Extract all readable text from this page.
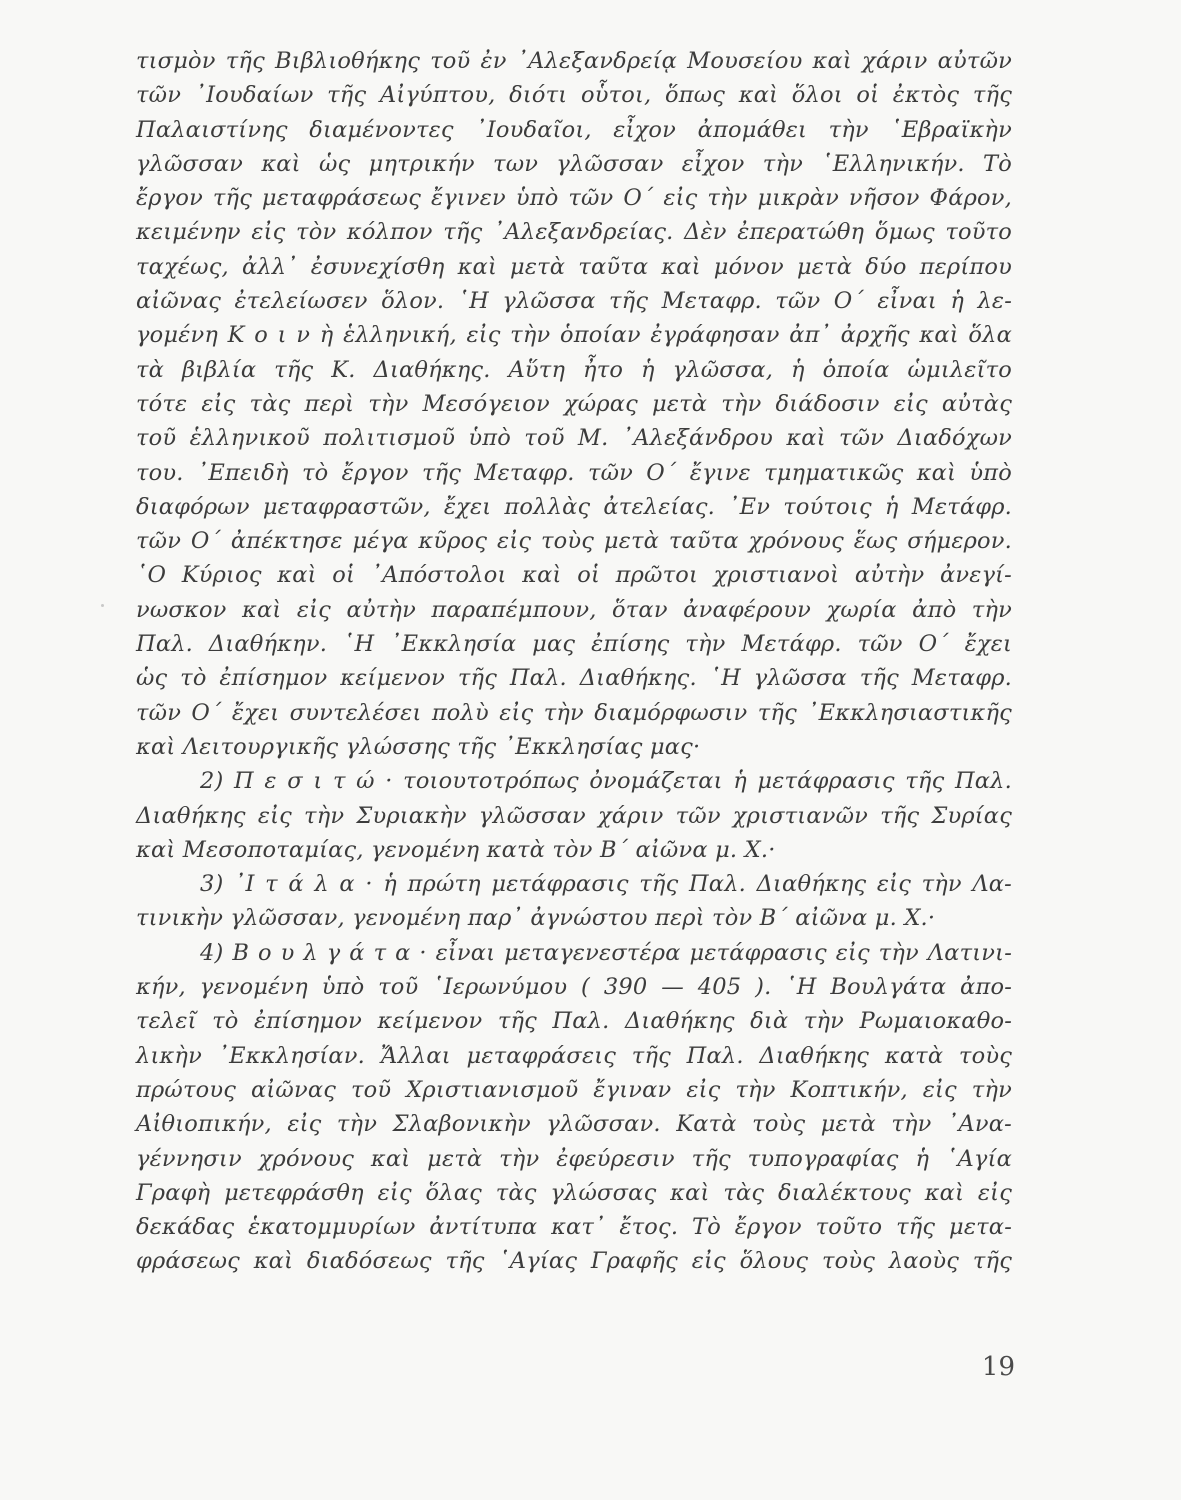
τισμὸν τῆς Βιβλιοθήκης τοῦ ἐν ᾿Αλεξανδρείᾳ Μουσείου καὶ χάριν αὐτῶν
τῶν ᾿Ιουδαίων τῆς Αἰγύπτου, διότι οὗτοι, ὅπως καὶ ὅλοι οἱ ἐκτὸς τῆς
Παλαιστίνης διαμένοντες ᾿Ιουδαῖοι, εἶχον ἀπομάθει τὴν ῾Εβραϊκὴν
γλῶσσαν καὶ ὡς μητρικήν των γλῶσσαν εἶχον τὴν ῾Ελληνικήν. Τὸ
ἔργον τῆς μεταφράσεως ἔγινεν ὑπὸ τῶν Ο΄ εἰς τὴν μικρὰν νῆσον Φάρον,
κειμένην εἰς τὸν κόλπον τῆς ᾿Αλεξανδρείας. Δὲν ἐπερατώθη ὅμως τοῦτο
ταχέως, ἀλλ᾿ ἐσυνεχίσθη καὶ μετὰ ταῦτα καὶ μόνον μετὰ δύο περίπου
αἰῶνας ἐτελείωσεν ὅλον. ῾Η γλῶσσα τῆς Μεταφρ. τῶν Ο΄ εἶναι ἡ λε-
γομένη Κ ο ι ν ὴ ἑλληνική, εἰς τὴν ὁποίαν ἐγράφησαν ἀπ᾿ ἀρχῆς καὶ ὅλα
τὰ βιβλία τῆς Κ. Διαθήκης. Αὕτη ἦτο ἡ γλῶσσα, ἡ ὁποία ὡμιλεῖτο
τότε εἰς τὰς περὶ τὴν Μεσόγειον χώρας μετὰ τὴν διάδοσιν εἰς αὐτὰς
τοῦ ἑλληνικοῦ πολιτισμοῦ ὑπὸ τοῦ Μ. ᾿Αλεξάνδρου καὶ τῶν Διαδόχων
του. ᾿Επειδὴ τὸ ἔργον τῆς Μεταφρ. τῶν Ο΄ ἔγινε τμηματικῶς καὶ ὑπὸ
διαφόρων μεταφραστῶν, ἔχει πολλὰς ἀτελείας. ᾿Εν τούτοις ἡ Μετάφρ.
τῶν Ο΄ ἀπέκτησε μέγα κῦρος εἰς τοὺς μετὰ ταῦτα χρόνους ἕως σήμερον.
῾Ο Κύριος καὶ οἱ ᾿Απόστολοι καὶ οἱ πρῶτοι χριστιανοὶ αὐτὴν ἀνεγί-
νωσκον καὶ εἰς αὐτὴν παραπέμπουν, ὅταν ἀναφέρουν χωρία ἀπὸ τὴν
Παλ. Διαθήκην. ῾Η ᾿Εκκλησία μας ἐπίσης τὴν Μετάφρ. τῶν Ο΄ ἔχει
ὡς τὸ ἐπίσημον κείμενον τῆς Παλ. Διαθήκης. ῾Η γλῶσσα τῆς Μεταφρ.
τῶν Ο΄ ἔχει συντελέσει πολὺ εἰς τὴν διαμόρφωσιν τῆς ᾿Εκκλησιαστικῆς
καὶ Λειτουργικῆς γλώσσης τῆς ᾿Εκκλησίας μας·
2) Π ε σ ι τ ώ · τοιουτοτρόπως ὀνομάζεται ἡ μετάφρασις τῆς Παλ.
Διαθήκης εἰς τὴν Συριακὴν γλῶσσαν χάριν τῶν χριστιανῶν τῆς Συρίας
καὶ Μεσοποταμίας, γενομένη κατὰ τὸν Β΄ αἰῶνα μ. Χ.·
3) ᾿Ι τ ά λ α · ἡ πρώτη μετάφρασις τῆς Παλ. Διαθήκης εἰς τὴν Λα-
τινικὴν γλῶσσαν, γενομένη παρ᾿ ἀγνώστου περὶ τὸν Β΄ αἰῶνα μ. Χ.·
4) Β ο υ λ γ ά τ α · εἶναι μεταγενεστέρα μετάφρασις εἰς τὴν Λατινι-
κήν, γενομένη ὑπὸ τοῦ ῾Ιερωνύμου ( 390 — 405 ). ῾Η Βουλγάτα ἀπο-
τελεῖ τὸ ἐπίσημον κείμενον τῆς Παλ. Διαθήκης διὰ τὴν Ρωμαιοκαθο-
λικὴν ᾿Εκκλησίαν. Ἄλλαι μεταφράσεις τῆς Παλ. Διαθήκης κατὰ τοὺς
πρώτους αἰῶνας τοῦ Χριστιανισμοῦ ἔγιναν εἰς τὴν Κοπτικήν, εἰς τὴν
Αἰθιοπικήν, εἰς τὴν Σλαβονικὴν γλῶσσαν. Κατὰ τοὺς μετὰ τὴν ᾿Ανα-
γέννησιν χρόνους καὶ μετὰ τὴν ἐφεύρεσιν τῆς τυπογραφίας ἡ ῾Αγία
Γραφὴ μετεφράσθη εἰς ὅλας τὰς γλώσσας καὶ τὰς διαλέκτους καὶ εἰς
δεκάδας ἑκατομμυρίων ἀντίτυπα κατ᾿ ἔτος. Τὸ ἔργον τοῦτο τῆς μετα-
φράσεως καὶ διαδόσεως τῆς ῾Αγίας Γραφῆς εἰς ὅλους τοὺς λαοὺς τῆς
19
